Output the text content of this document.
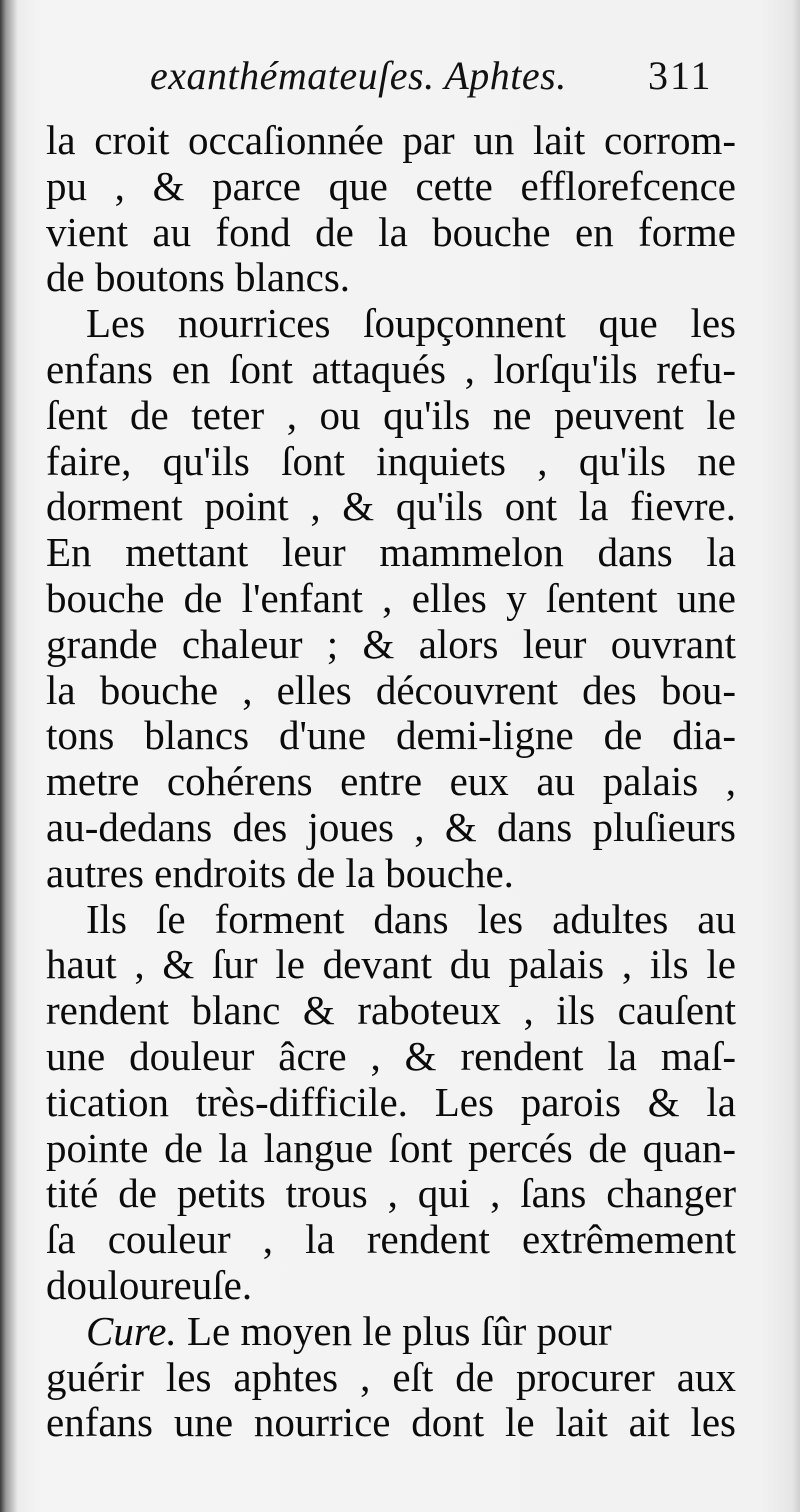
exanthémateuſes. Aphtes. 311
la croit occaſionnée par un lait corrom-
pu , & parce que cette efflorefcence
vient au fond de la bouche en forme
de boutons blancs.
Les nourrices ſoupçonnent que les
enfans en ſont attaqués , lorſqu'ils refu-
ſent de teter , ou qu'ils ne peuvent le
faire, qu'ils ſont inquiets , qu'ils ne
dorment point , & qu'ils ont la fievre.
En mettant leur mammelon dans la
bouche de l'enfant , elles y ſentent une
grande chaleur ; & alors leur ouvrant
la bouche , elles découvrent des bou-
tons blancs d'une demi-ligne de dia-
metre cohérens entre eux au palais ,
au-dedans des joues , & dans pluſieurs
autres endroits de la bouche.
Ils ſe forment dans les adultes au
haut , & ſur le devant du palais , ils le
rendent blanc & raboteux , ils cauſent
une douleur âcre , & rendent la maſ-
tication très-difficile. Les parois & la
pointe de la langue ſont percés de quan-
tité de petits trous , qui , ſans changer
ſa couleur , la rendent extrêmement
douloureuſe.
Cure. Le moyen le plus ſûr pour
guérir les aphtes , eſt de procurer aux
enfans une nourrice dont le lait ait les
